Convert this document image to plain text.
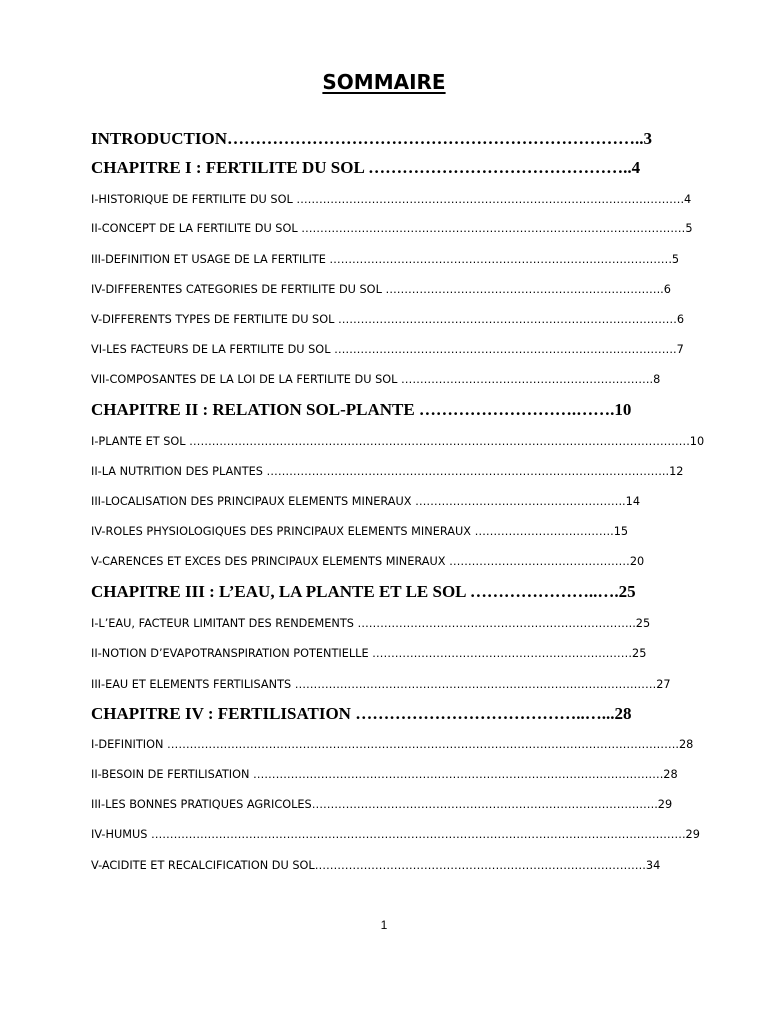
SOMMAIRE
INTRODUCTION………………………………………………………………..3
CHAPITRE I : FERTILITE DU SOL ………………………………………..4
I-HISTORIQUE DE FERTILITE DU SOL ………………………………………………………………………………………….4
II-CONCEPT DE LA FERTILITE DU SOL …………………………………………………………………………………………5
III-DEFINITION ET USAGE DE LA FERTILITE ……………………………………………………………………………….5
IV-DIFFERENTES CATEGORIES DE FERTILITE DU SOL ………………………………………………………………..6
V-DIFFERENTS TYPES DE FERTILITE DU SOL ………………………………………………………………………………6
VI-LES FACTEURS DE LA FERTILITE DU SOL ……………………………………………………………………………….7
VII-COMPOSANTES DE LA LOI DE LA FERTILITE DU SOL ………………………………………………………….8
CHAPITRE II : RELATION SOL-PLANTE ……………………….…….10
I-PLANTE ET SOL …………………………………………………………………………………………………………………….10
II-LA NUTRITION DES PLANTES ……………………………………………………………………………………………..12
III-LOCALISATION DES PRINCIPAUX ELEMENTS MINERAUX ………………………………………………..14
IV-ROLES PHYSIOLOGIQUES DES PRINCIPAUX ELEMENTS MINERAUX ……………………………….15
V-CARENCES ET EXCES DES PRINCIPAUX ELEMENTS MINERAUX …………………………………………20
CHAPITRE III : L’EAU, LA PLANTE ET LE SOL …………………..….25
I-L’EAU, FACTEUR LIMITANT DES RENDEMENTS ………………………………………………………………..25
II-NOTION D’EVAPOTRANSPIRATION POTENTIELLE ……………………………………………………………25
III-EAU ET ELEMENTS FERTILISANTS ……………………………………………………………………………………27
CHAPITRE IV : FERTILISATION …………………………………..…...28
I-DEFINITION ……………………………………………………………………………………………………………………….28
II-BESOIN DE FERTILISATION ……………………………………………………………………………………………….28
III-LES BONNES PRATIQUES AGRICOLES………………………………………………………………………………..29
IV-HUMUS …………………………………………………………………………………………………………………………….29
V-ACIDITE ET RECALCIFICATION DU SOL…………………………………………………………………………….34
1
